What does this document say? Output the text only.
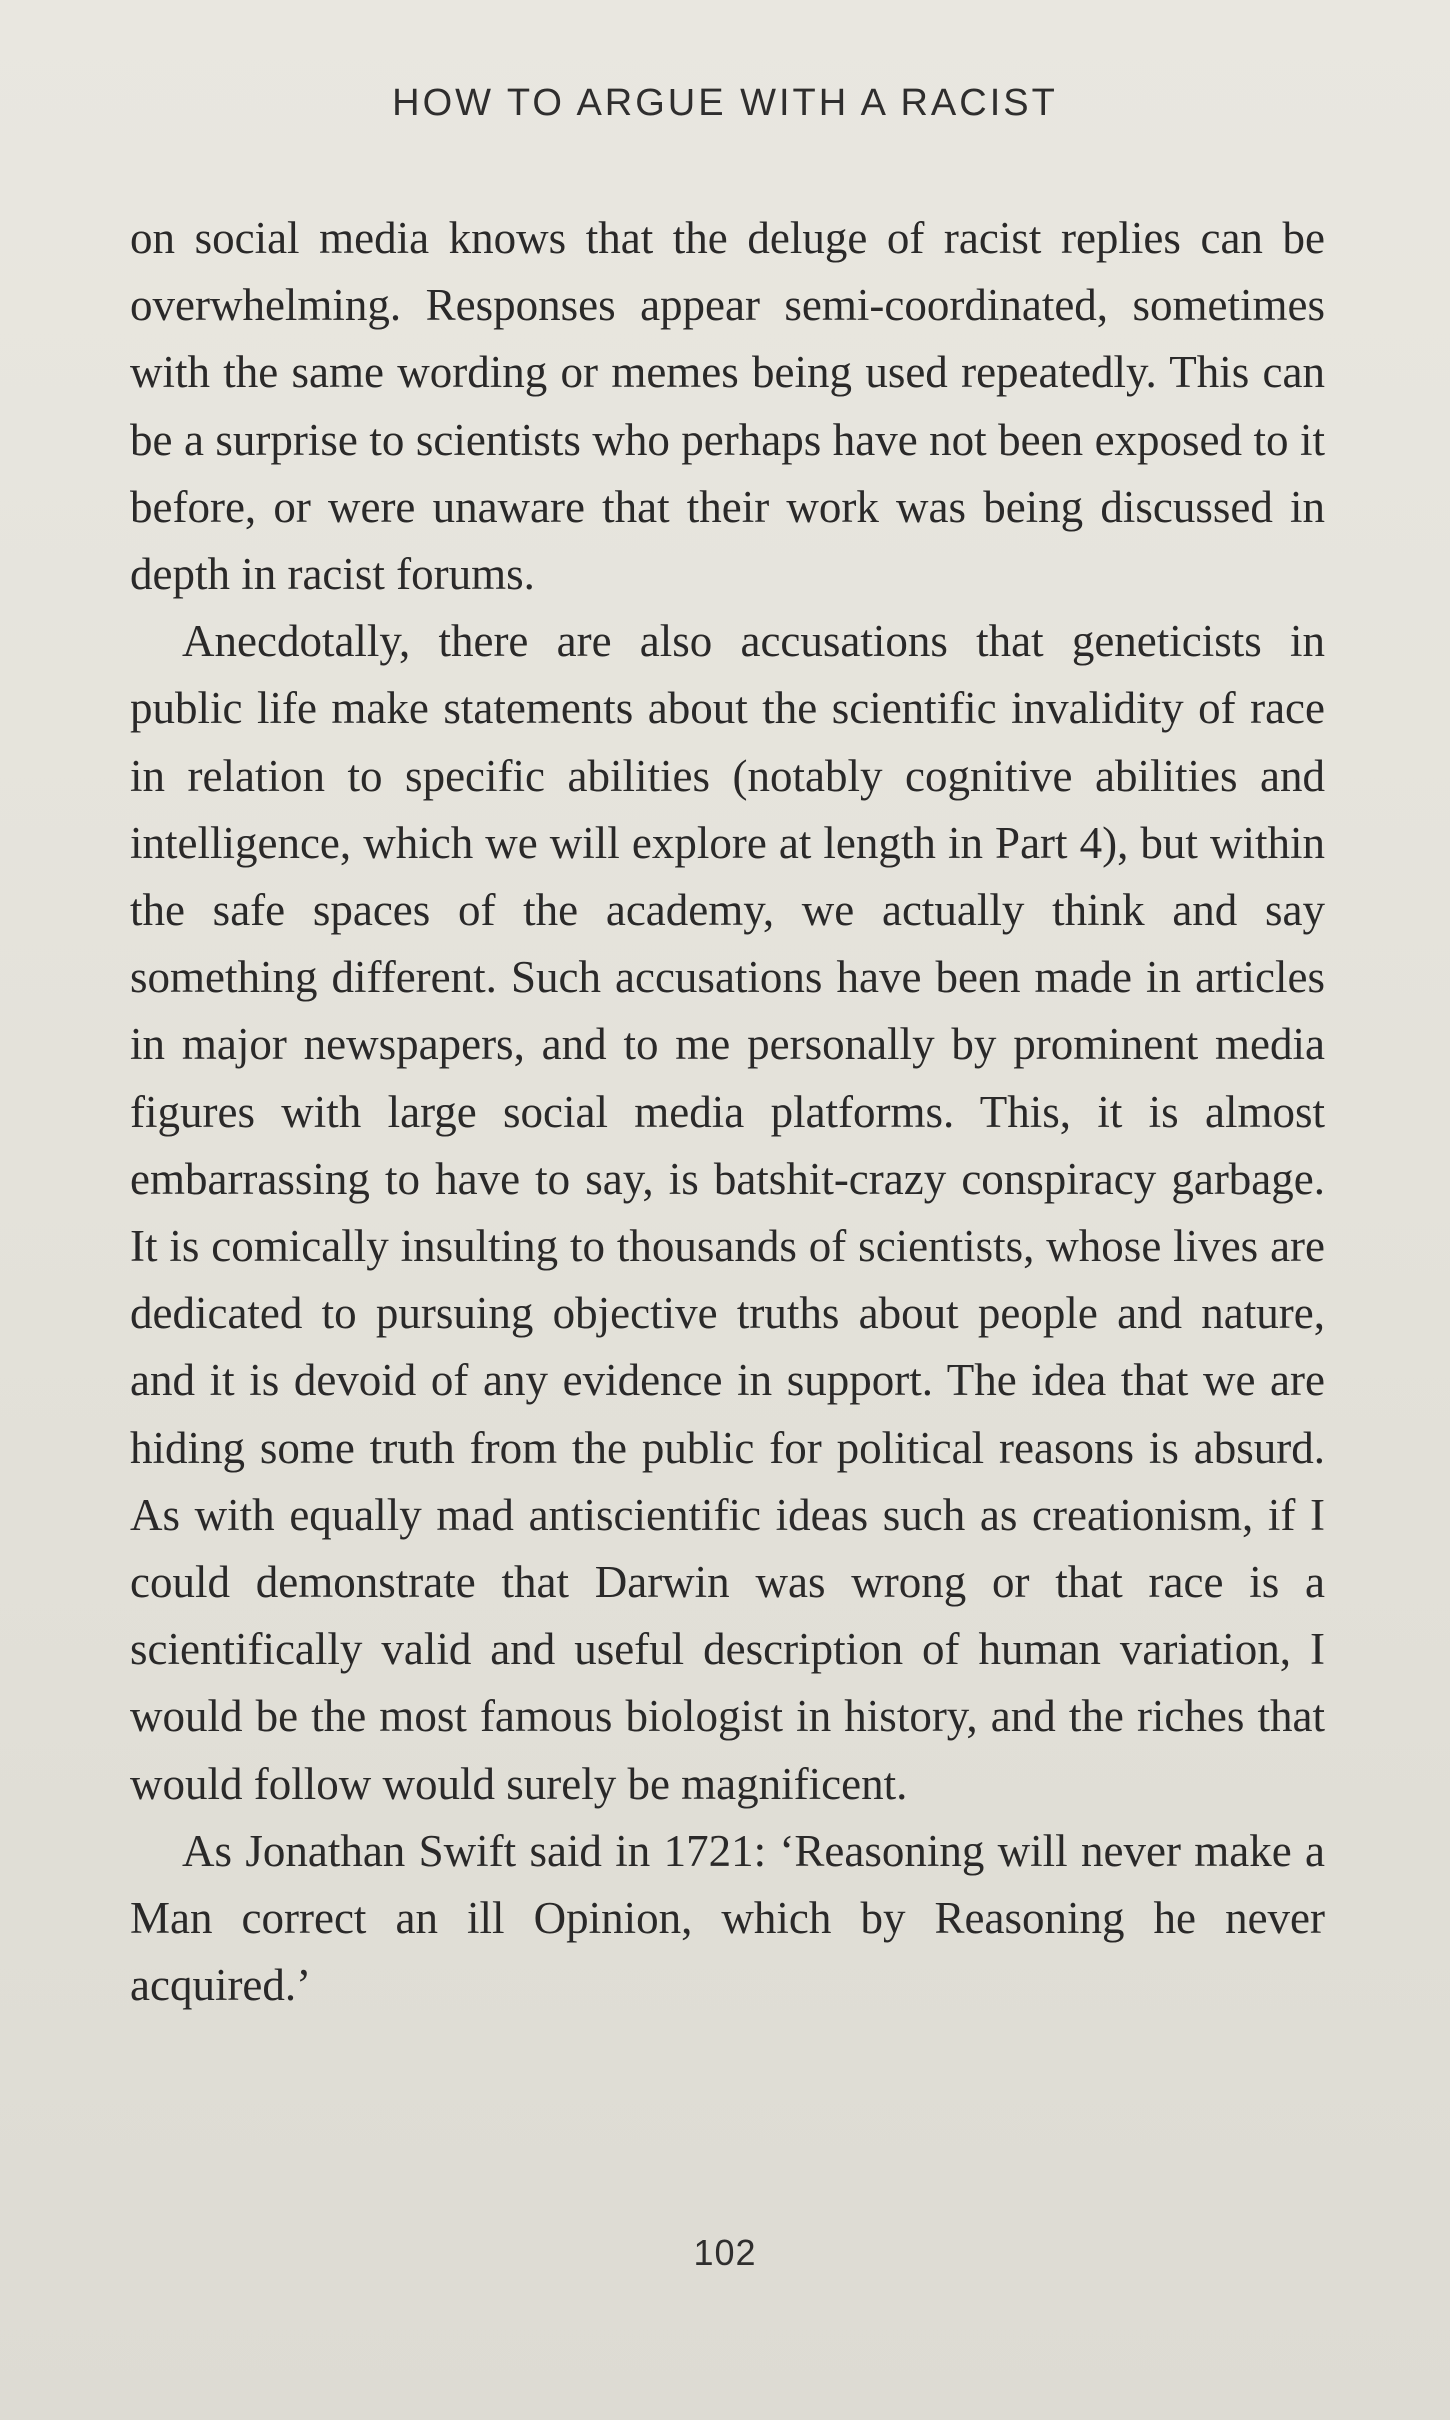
HOW TO ARGUE WITH A RACIST

on social media knows that the deluge of racist replies can be overwhelming. Responses appear semi-coordinated, sometimes with the same wording or memes being used repeatedly. This can be a surprise to scientists who perhaps have not been exposed to it before, or were unaware that their work was being discussed in depth in racist forums.

Anecdotally, there are also accusations that geneticists in public life make statements about the scientific invalidity of race in relation to specific abilities (notably cognitive abilities and intelligence, which we will explore at length in Part 4), but within the safe spaces of the academy, we actually think and say something different. Such accusations have been made in articles in major newspapers, and to me personally by prominent media figures with large social media platforms. This, it is almost embarrassing to have to say, is batshit-crazy conspiracy garbage. It is comically insulting to thousands of scientists, whose lives are dedicated to pursuing objective truths about people and nature, and it is devoid of any evidence in support. The idea that we are hiding some truth from the public for political reasons is absurd. As with equally mad antiscientific ideas such as creationism, if I could demonstrate that Darwin was wrong or that race is a scientifically valid and useful description of human variation, I would be the most famous biologist in history, and the riches that would follow would surely be magnificent.

As Jonathan Swift said in 1721: ‘Reasoning will never make a Man correct an ill Opinion, which by Reasoning he never acquired.’

102
